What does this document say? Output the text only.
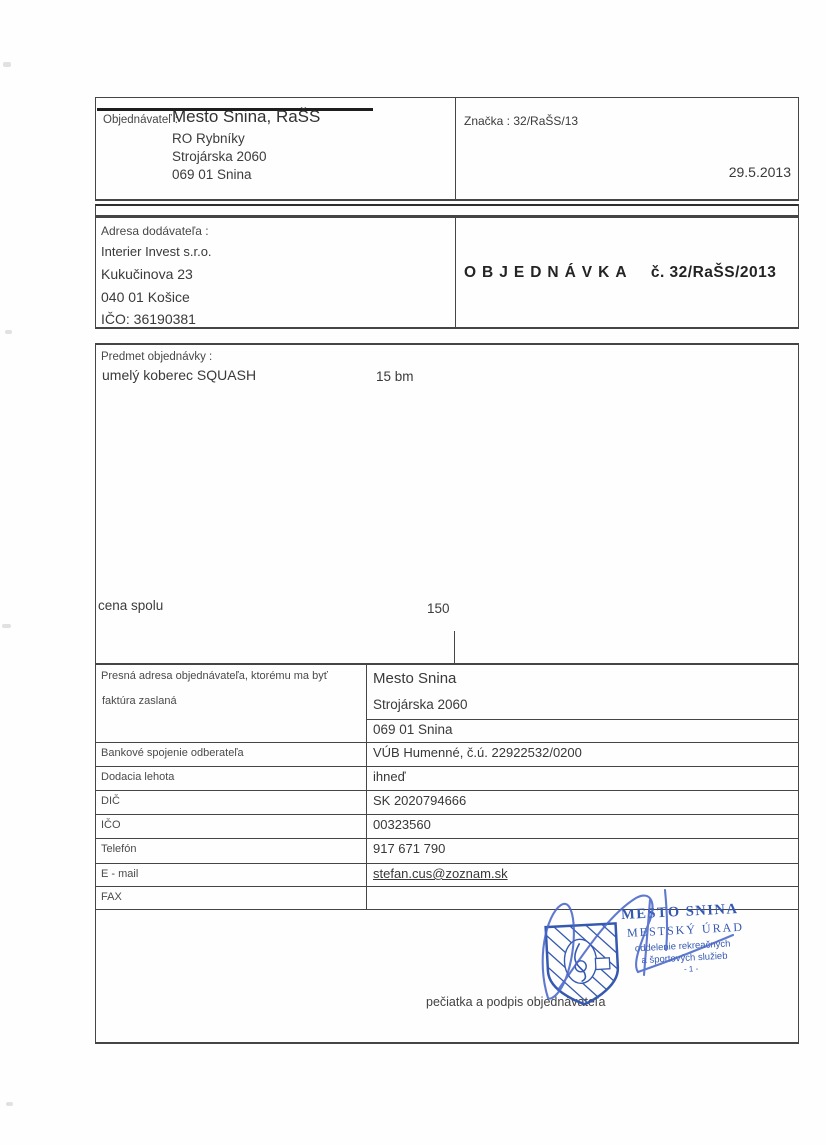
Objednávateľ :
Mesto Snina, RaŠS
RO Rybníky
Strojárska 2060
069 01 Snina
Značka : 32/RaŠS/13
29.5.2013
Adresa dodávateľa :
Interier Invest s.r.o.
Kukučinova 23
040 01 Košice
IČO: 36190381
OBJEDNÁVKA č. 32/RaŠS/2013
Predmet objednávky :
umelý koberec SQUASH	15 bm
cena spolu	150
Presná adresa objednávateľa, ktorému ma byť
faktúra zaslaná
Mesto Snina
Strojárska 2060
069 01 Snina
Bankové spojenie odberateľa	VÚB Humenné, č.ú. 22922532/0200
Dodacia lehota	ihneď
DIČ	SK 2020794666
IČO	00323560
Telefón	917 671 790
E - mail	stefan.cus@zoznam.sk
FAX
pečiatka a podpis objednávateľa
MESTO SNINA
MESTSKÝ ÚRAD
oddelenie rekreačných
a športových služieb
- 1 -
